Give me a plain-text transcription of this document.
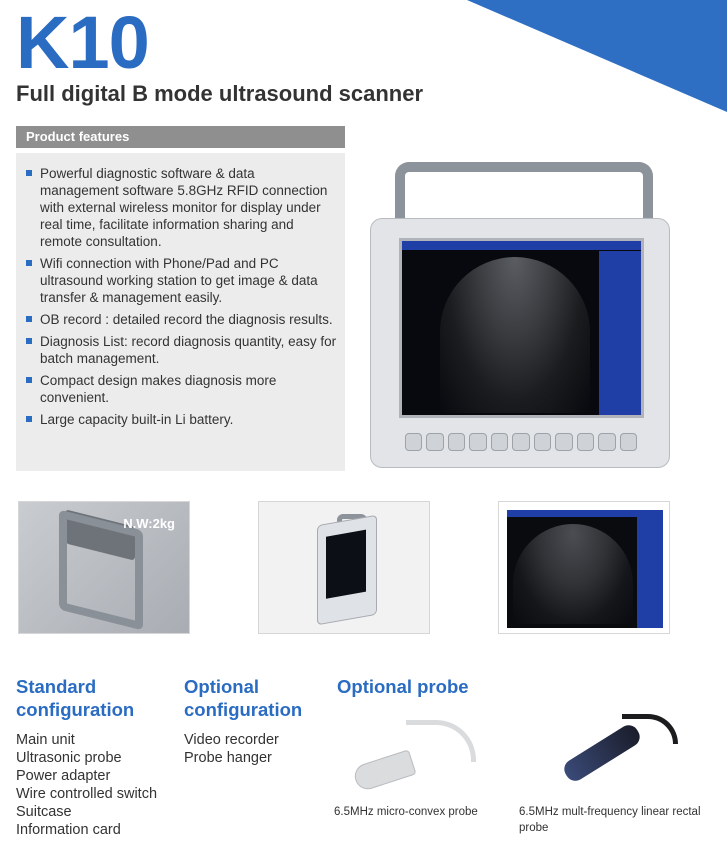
K10
Full digital B mode ultrasound scanner
Product features
Powerful diagnostic software & data management software 5.8GHz RFID connection with external wireless monitor for display under real time, facilitate information sharing and remote consultation.
Wifi connection with Phone/Pad and PC ultrasound working station to get image & data transfer & management easily.
OB record : detailed record the diagnosis results.
Diagnosis List: record diagnosis quantity, easy for batch management.
Compact design makes diagnosis more convenient.
Large capacity built-in Li battery.
N.W:2kg
Standard configuration
Main unit
Ultrasonic probe
Power adapter
Wire controlled switch
Suitcase
Information card
Optional configuration
Video recorder
Probe hanger
Optional probe
6.5MHz micro-convex probe	6.5MHz mult-frequency linear rectal probe
